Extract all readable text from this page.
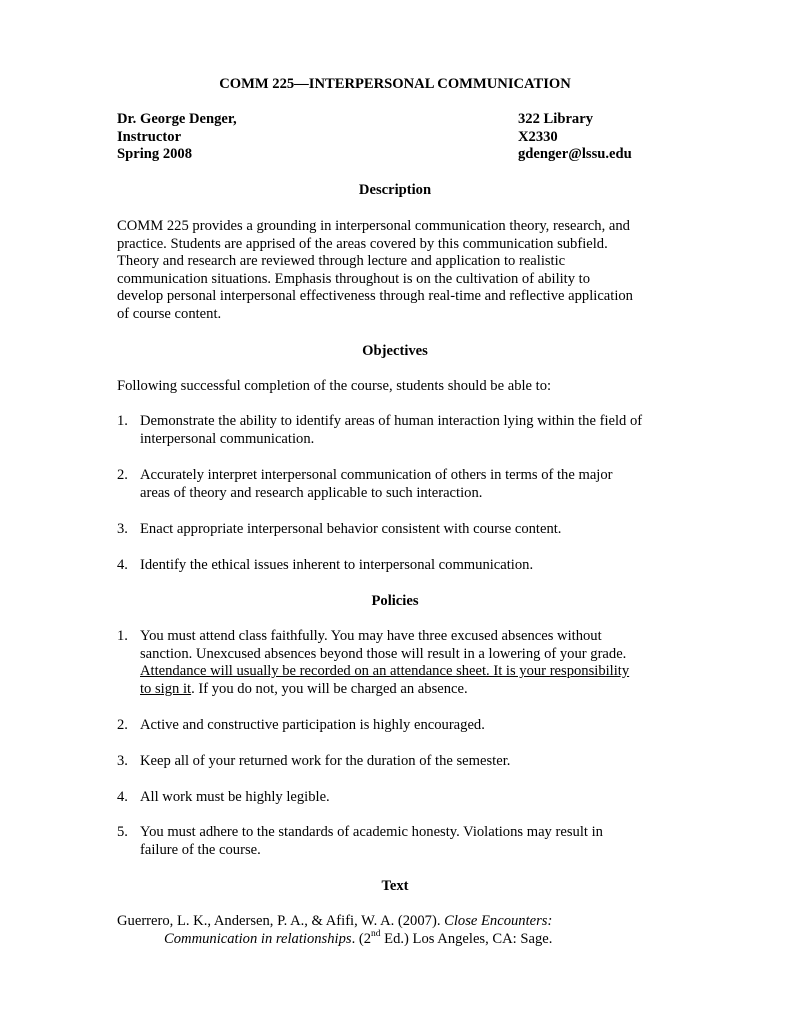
COMM 225—INTERPERSONAL COMMUNICATION
Dr. George Denger,
Instructor
Spring 2008
322 Library
X2330
gdenger@lssu.edu
Description
COMM 225 provides a grounding in interpersonal communication theory, research, and
practice. Students are apprised of the areas covered by this communication subfield.
Theory and research are reviewed through lecture and application to realistic
communication situations. Emphasis throughout is on the cultivation of ability to
develop personal interpersonal effectiveness through real-time and reflective application
of course content.
Objectives
Following successful completion of the course, students should be able to:
1. Demonstrate the ability to identify areas of human interaction lying within the field of
interpersonal communication.
2. Accurately interpret interpersonal communication of others in terms of the major
areas of theory and research applicable to such interaction.
3. Enact appropriate interpersonal behavior consistent with course content.
4. Identify the ethical issues inherent to interpersonal communication.
Policies
1. You must attend class faithfully. You may have three excused absences without
sanction. Unexcused absences beyond those will result in a lowering of your grade.
Attendance will usually be recorded on an attendance sheet. It is your responsibility
to sign it. If you do not, you will be charged an absence.
2. Active and constructive participation is highly encouraged.
3. Keep all of your returned work for the duration of the semester.
4. All work must be highly legible.
5. You must adhere to the standards of academic honesty. Violations may result in
failure of the course.
Text
Guerrero, L. K., Andersen, P. A., & Afifi, W. A. (2007). Close Encounters:
Communication in relationships. (2nd Ed.) Los Angeles, CA: Sage.
